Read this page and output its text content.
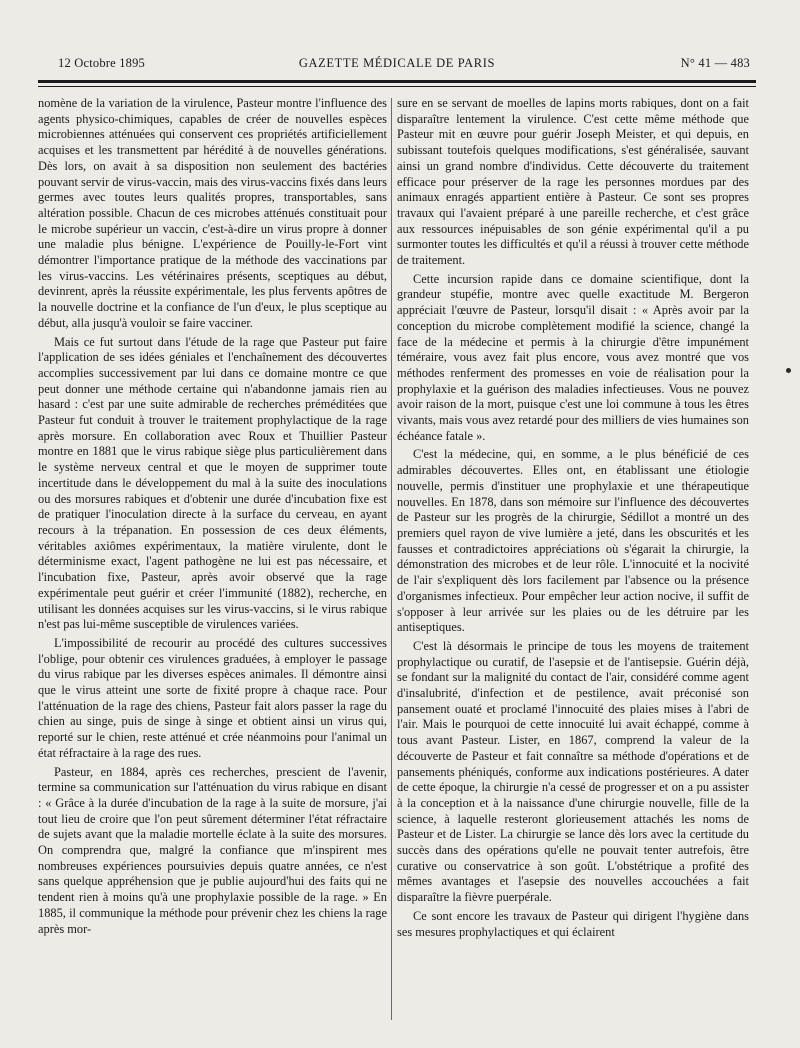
12 Octobre 1895	GAZETTE MÉDICALE DE PARIS	N° 41 — 483

nomène de la variation de la virulence, Pasteur montre l'influence des agents physico-chimiques, capables de créer de nouvelles espèces microbiennes atténuées qui conservent ces propriétés artificiellement acquises et les transmettent par hérédité à de nouvelles générations. Dès lors, on avait à sa disposition non seulement des bactéries pouvant servir de virus-vaccin, mais des virus-vaccins fixés dans leurs germes avec toutes leurs qualités propres, transportables, sans altération possible. Chacun de ces microbes atténués constituait pour le microbe supérieur un vaccin, c'est-à-dire un virus propre à donner une maladie plus bénigne. L'expérience de Pouilly-le-Fort vint démontrer l'importance pratique de la méthode des vaccinations par les virus-vaccins. Les vétérinaires présents, sceptiques au début, devinrent, après la réussite expérimentale, les plus fervents apôtres de la nouvelle doctrine et la confiance de l'un d'eux, le plus sceptique au début, alla jusqu'à vouloir se faire vacciner.

Mais ce fut surtout dans l'étude de la rage que Pasteur put faire l'application de ses idées géniales et l'enchaînement des découvertes accomplies successivement par lui dans ce domaine montre ce que peut donner une méthode certaine qui n'abandonne jamais rien au hasard : c'est par une suite admirable de recherches préméditées que Pasteur fut conduit à trouver le traitement prophylactique de la rage après morsure. En collaboration avec Roux et Thuillier Pasteur montre en 1881 que le virus rabique siège plus particulièrement dans le système nerveux central et que le moyen de supprimer toute incertitude dans le développement du mal à la suite des inoculations ou des morsures rabiques et d'obtenir une durée d'incubation fixe est de pratiquer l'inoculation directe à la surface du cerveau, en ayant recours à la trépanation. En possession de ces deux éléments, véritables axiômes expérimentaux, la matière virulente, dont le déterminisme exact, l'agent pathogène ne lui est pas nécessaire, et l'incubation fixe, Pasteur, après avoir observé que la rage expérimentale peut guérir et créer l'immunité (1882), recherche, en utilisant les données acquises sur les virus-vaccins, si le virus rabique n'est pas lui-même susceptible de virulences variées.

L'impossibilité de recourir au procédé des cultures successives l'oblige, pour obtenir ces virulences graduées, à employer le passage du virus rabique par les diverses espèces animales. Il démontre ainsi que le virus atteint une sorte de fixité propre à chaque race. Pour l'atténuation de la rage des chiens, Pasteur fait alors passer la rage du chien au singe, puis de singe à singe et obtient ainsi un virus qui, reporté sur le chien, reste atténué et crée néanmoins pour l'animal un état réfractaire à la rage des rues.

Pasteur, en 1884, après ces recherches, prescient de l'avenir, termine sa communication sur l'atténuation du virus rabique en disant : « Grâce à la durée d'incubation de la rage à la suite de morsure, j'ai tout lieu de croire que l'on peut sûrement déterminer l'état réfractaire de sujets avant que la maladie mortelle éclate à la suite des morsures. On comprendra que, malgré la confiance que m'inspirent mes nombreuses expériences poursuivies depuis quatre années, ce n'est sans quelque appréhension que je publie aujourd'hui des faits qui ne tendent rien à moins qu'à une prophylaxie possible de la rage. » En 1885, il communique la méthode pour prévenir chez les chiens la rage après mor-

sure en se servant de moelles de lapins morts rabiques, dont on a fait disparaître lentement la virulence. C'est cette même méthode que Pasteur mit en œuvre pour guérir Joseph Meister, et qui depuis, en subissant toutefois quelques modifications, s'est généralisée, sauvant ainsi un grand nombre d'individus. Cette découverte du traitement efficace pour préserver de la rage les personnes mordues par des animaux enragés appartient entière à Pasteur. Ce sont ses propres travaux qui l'avaient préparé à une pareille recherche, et c'est grâce aux ressources inépuisables de son génie expérimental qu'il a pu surmonter toutes les difficultés et qu'il a réussi à trouver cette méthode de traitement.

Cette incursion rapide dans ce domaine scientifique, dont la grandeur stupéfie, montre avec quelle exactitude M. Bergeron appréciait l'œuvre de Pasteur, lorsqu'il disait : « Après avoir par la conception du microbe complètement modifié la science, changé la face de la médecine et permis à la chirurgie d'être impunément téméraire, vous avez fait plus encore, vous avez montré que vos méthodes renferment des promesses en voie de réalisation pour la prophylaxie et la guérison des maladies infectieuses. Vous ne pouvez avoir raison de la mort, puisque c'est une loi commune à tous les êtres vivants, mais vous avez retardé pour des milliers de vies humaines son échéance fatale ».

C'est la médecine, qui, en somme, a le plus bénéficié de ces admirables découvertes. Elles ont, en établissant une étiologie nouvelle, permis d'instituer une prophylaxie et une thérapeutique nouvelles. En 1878, dans son mémoire sur l'influence des découvertes de Pasteur sur les progrès de la chirurgie, Sédillot a montré un des premiers quel rayon de vive lumière a jeté, dans les obscurités et les fausses et contradictoires appréciations où s'égarait la chirurgie, la démonstration des microbes et de leur rôle. L'innocuité et la nocivité de l'air s'expliquent dès lors facilement par l'absence ou la présence d'organismes infectieux. Pour empêcher leur action nocive, il suffit de s'opposer à leur arrivée sur les plaies ou de les détruire par les antiseptiques.

C'est là désormais le principe de tous les moyens de traitement prophylactique ou curatif, de l'asepsie et de l'antisepsie. Guérin déjà, se fondant sur la malignité du contact de l'air, considéré comme agent d'insalubrité, d'infection et de pestilence, avait préconisé son pansement ouaté et proclamé l'innocuité des plaies mises à l'abri de l'air. Mais le pourquoi de cette innocuité lui avait échappé, comme à tous avant Pasteur. Lister, en 1867, comprend la valeur de la découverte de Pasteur et fait connaître sa méthode d'opérations et de pansements phéniqués, conforme aux indications postérieures. A dater de cette époque, la chirurgie n'a cessé de progresser et on a pu assister à la conception et à la naissance d'une chirurgie nouvelle, fille de la science, à laquelle resteront glorieusement attachés les noms de Pasteur et de Lister. La chirurgie se lance dès lors avec la certitude du succès dans des opérations qu'elle ne pouvait tenter autrefois, être curative ou conservatrice à son goût. L'obstétrique a profité des mêmes avantages et l'asepsie des nouvelles accouchées a fait disparaître la fièvre puerpérale.

Ce sont encore les travaux de Pasteur qui dirigent l'hygiène dans ses mesures prophylactiques et qui éclairent
